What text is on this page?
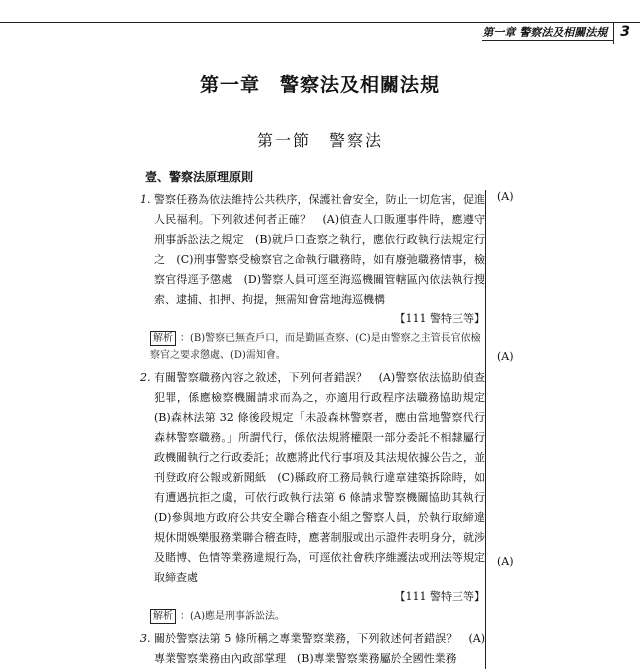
第一章 警察法及相關法規 3
第一章　警察法及相關法規
第一節　警察法
壹、警察法原理原則
1. 警察任務為依法維持公共秩序，保護社會安全，防止一切危害，促進人民福利。下列敘述何者正確？　(A)偵查人口販運事件時，應遵守刑事訴訟法之規定　(B)就戶口查察之執行，應依行政執行法規定行之　(C)刑事警察受檢察官之命執行職務時，如有廢弛職務情事，檢察官得逕予懲處　(D)警察人員可逕至海巡機關管轄區內依法執行搜索、逮捕、扣押、拘提，無需知會當地海巡機構
【111 警特三等】
解析 ：(B)警察已無查戶口，而是勤區查察、(C)是由警察之主管長官依檢察官之要求懲處、(D)需知會。
2. 有關警察職務內容之敘述，下列何者錯誤？　(A)警察依法協助偵查犯罪，係應檢察機關請求而為之，亦適用行政程序法職務協助規定　(B)森林法第 32 條後段規定「未設森林警察者，應由當地警察代行森林警察職務。」所謂代行，係依法規將權限一部分委託不相隸屬行政機關執行之行政委託；故應將此代行事項及其法規依據公告之，並刊登政府公報或新聞紙　(C)縣政府工務局執行違章建築拆除時，如有遭遇抗拒之虞，可依行政執行法第 6 條請求警察機關協助其執行　(D)參與地方政府公共安全聯合稽查小組之警察人員，於執行取締違規休閒娛樂服務業聯合稽查時，應著制服或出示證件表明身分，就涉及賭博、色情等業務違規行為，可逕依社會秩序維護法或刑法等規定取締查處
【111 警特三等】
解析 ：(A)應是刑事訴訟法。
3. 關於警察法第 5 條所稱之專業警察業務，下列敘述何者錯誤？　(A)專業警察業務由內政部掌理　(B)專業警察業務屬於全國性業務
(A)
(A)
(A)
